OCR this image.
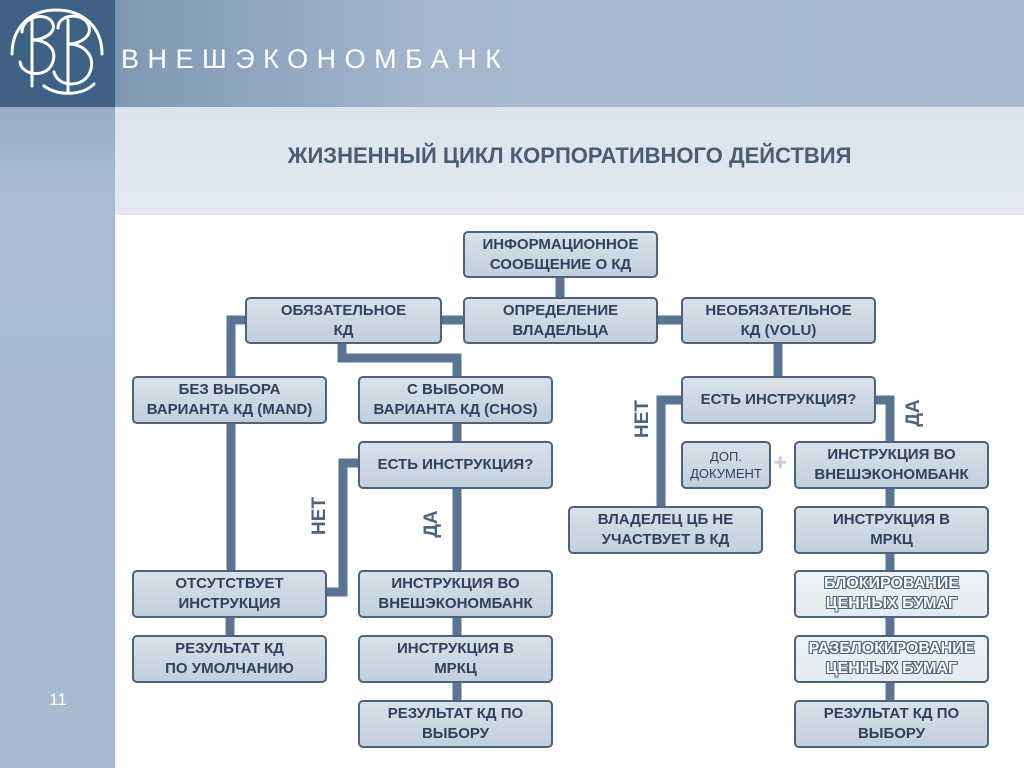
ВНЕШЭКОНОМБАНК
ЖИЗНЕННЫЙ ЦИКЛ КОРПОРАТИВНОГО ДЕЙСТВИЯ
11
ИНФОРМАЦИОННОЕ
СООБЩЕНИЕ О КД
ОБЯЗАТЕЛЬНОЕ
КД
ОПРЕДЕЛЕНИЕ
ВЛАДЕЛЬЦА
НЕОБЯЗАТЕЛЬНОЕ
КД (VOLU)
БЕЗ ВЫБОРА
ВАРИАНТА КД (MAND)
С ВЫБОРОМ
ВАРИАНТА КД (CHOS)
ЕСТЬ ИНСТРУКЦИЯ?
ОТСУТСТВУЕТ
ИНСТРУКЦИЯ
РЕЗУЛЬТАТ КД
ПО УМОЛЧАНИЮ
ИНСТРУКЦИЯ ВО
ВНЕШЭКОНОМБАНК
ИНСТРУКЦИЯ В
МРКЦ
РЕЗУЛЬТАТ КД ПО
ВЫБОРУ
ЕСТЬ ИНСТРУКЦИЯ?
ДОП.
ДОКУМЕНТ +	ИНСТРУКЦИЯ ВО
ВНЕШЭКОНОМБАНК
ВЛАДЕЛЕЦ ЦБ НЕ
УЧАСТВУЕТ В КД
ИНСТРУКЦИЯ В
МРКЦ
БЛОКИРОВАНИЕ
ЦЕННЫХ БУМАГ
РАЗБЛОКИРОВАНИЕ
ЦЕННЫХ БУМАГ
РЕЗУЛЬТАТ КД ПО
ВЫБОРУ
НЕТ	ДА
НЕТ	ДА
